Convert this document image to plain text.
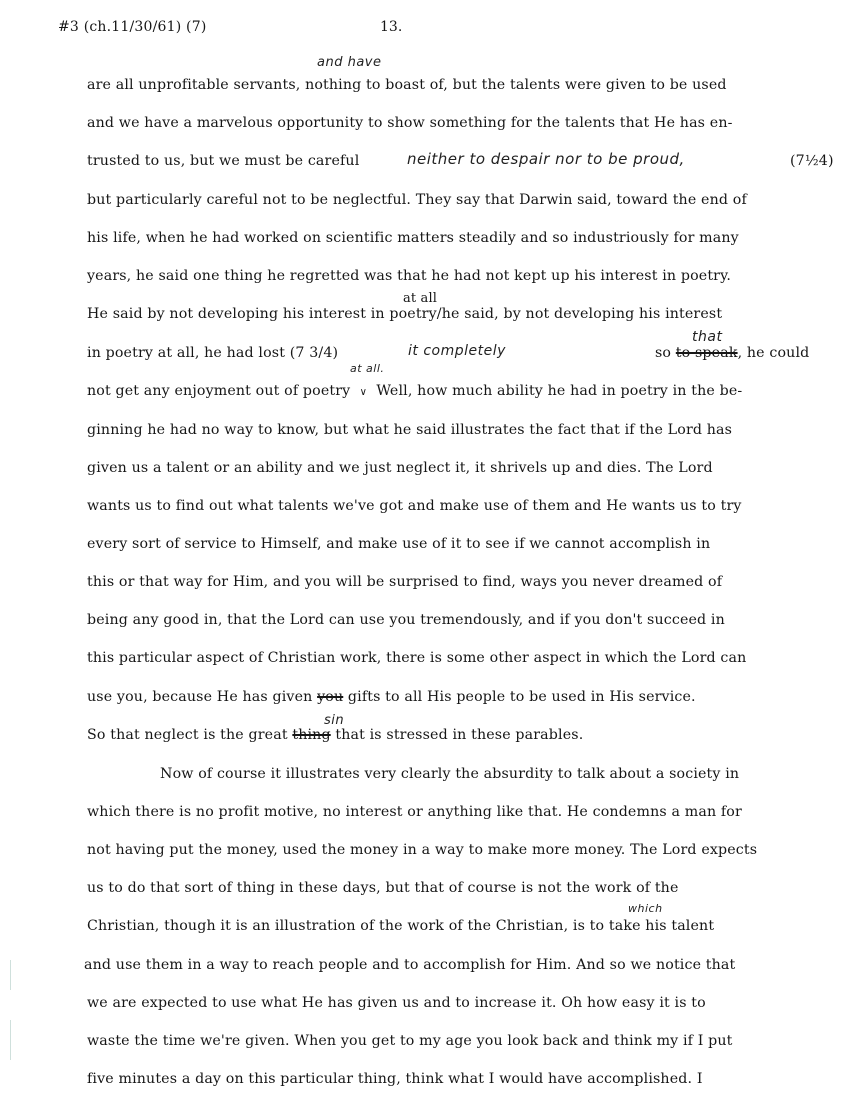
#3 (ch.11/30/61) (7)	13.
are all unprofitable servants, nothing to boast of, but the talents were given to be used
and have
and we have a marvelous opportunity to show something for the talents that He has en-
trusted to us, but we must be careful	neither to despair nor to be proud,	(7½4)
but particularly careful not to be neglectful. They say that Darwin said, toward the end of
his life, when he had worked on scientific matters steadily and so industriously for many
years, he said one thing he regretted was that he had not kept up his interest in poetry.
He said by not developing his interest in poetry/he said, by not developing his interest
at all
in poetry at all, he had lost (7 3/4)	it completely	so to speak, he could
that
not get any enjoyment out of poetry ∨ Well, how much ability he had in poetry in the be-
at all.
ginning he had no way to know, but what he said illustrates the fact that if the Lord has
given us a talent or an ability and we just neglect it, it shrivels up and dies. The Lord
wants us to find out what talents we've got and make use of them and He wants us to try
every sort of service to Himself, and make use of it to see if we cannot accomplish in
this or that way for Him, and you will be surprised to find, ways you never dreamed of
being any good in, that the Lord can use you tremendously, and if you don't succeed in
this particular aspect of Christian work, there is some other aspect in which the Lord can
use you, because He has given you gifts to all His people to be used in His service.
So that neglect is the great thing that is stressed in these parables.
sin
Now of course it illustrates very clearly the absurdity to talk about a society in
which there is no profit motive, no interest or anything like that. He condemns a man for
not having put the money, used the money in a way to make more money. The Lord expects
us to do that sort of thing in these days, but that of course is not the work of the
Christian, though it is an illustration of the work of the Christian, is to take his talent
which
and use them in a way to reach people and to accomplish for Him. And so we notice that
we are expected to use what He has given us and to increase it. Oh how easy it is to
waste the time we're given. When you get to my age you look back and think my if I put
five minutes a day on this particular thing, think what I would have accomplished. I
